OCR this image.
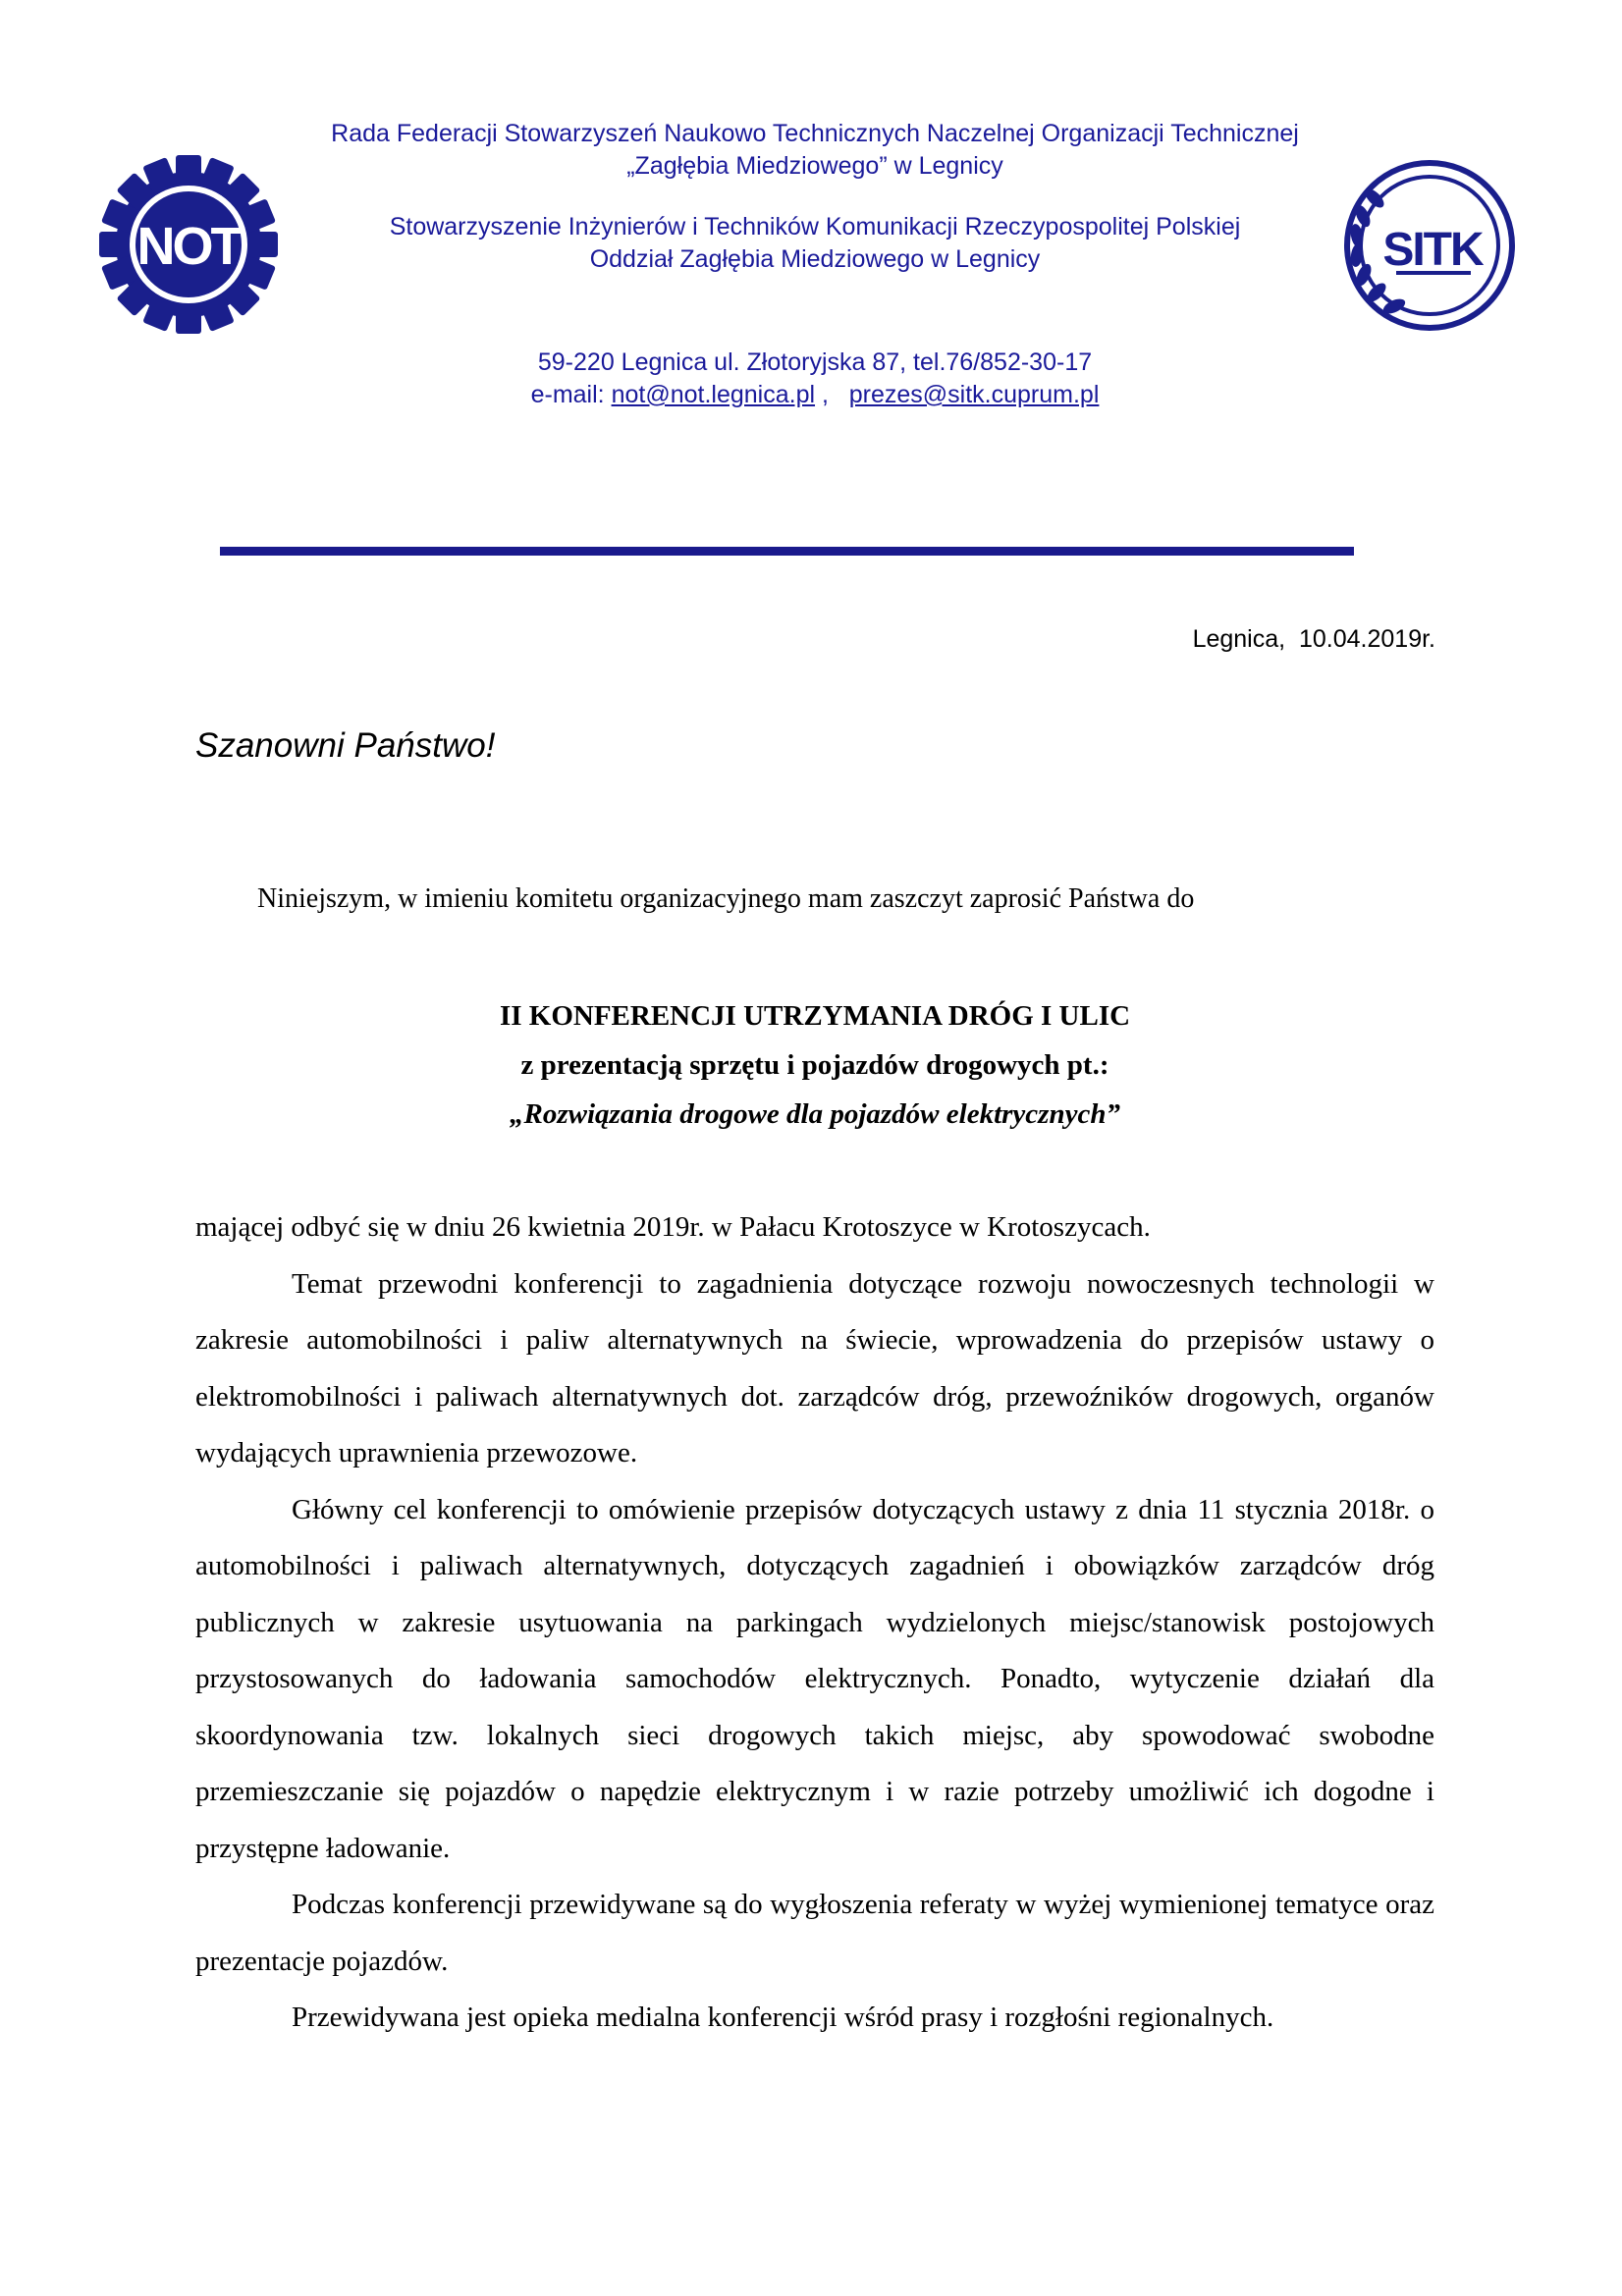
NOT	SITK
Rada Federacji Stowarzyszeń Naukowo Technicznych Naczelnej Organizacji Technicznej
„Zagłębia Miedziowego” w Legnicy
Stowarzyszenie Inżynierów i Techników Komunikacji Rzeczypospolitej Polskiej
Oddział Zagłębia Miedziowego w Legnicy
59-220 Legnica ul. Złotoryjska 87, tel.76/852-30-17
e-mail: not@not.legnica.pl ,   prezes@sitk.cuprum.pl
Legnica,  10.04.2019r.
Szanowni Państwo!
Niniejszym, w imieniu komitetu organizacyjnego mam zaszczyt zaprosić Państwa do
II KONFERENCJI UTRZYMANIA DRÓG I ULIC
z prezentacją sprzętu i pojazdów drogowych pt.:
„Rozwiązania drogowe dla pojazdów elektrycznych”

mającej odbyć się w dniu 26 kwietnia 2019r. w Pałacu Krotoszyce w Krotoszycach.

Temat przewodni konferencji to zagadnienia dotyczące rozwoju nowoczesnych technologii w zakresie automobilności i paliw alternatywnych na świecie, wprowadzenia do przepisów ustawy o elektromobilności i paliwach alternatywnych dot. zarządców dróg, przewoźników drogowych, organów wydających uprawnienia przewozowe.

Główny cel konferencji to omówienie przepisów dotyczących ustawy z dnia 11 stycznia 2018r. o automobilności i paliwach alternatywnych, dotyczących zagadnień i obowiązków zarządców dróg publicznych w zakresie usytuowania na parkingach wydzielonych miejsc/stanowisk postojowych przystosowanych do ładowania samochodów elektrycznych. Ponadto, wytyczenie działań dla skoordynowania tzw. lokalnych sieci drogowych takich miejsc, aby spowodować swobodne przemieszczanie się pojazdów o napędzie elektrycznym i w razie potrzeby umożliwić ich dogodne i przystępne ładowanie.

Podczas konferencji przewidywane są do wygłoszenia referaty w wyżej wymienionej tematyce oraz prezentacje pojazdów.

Przewidywana jest opieka medialna konferencji wśród prasy i rozgłośni regionalnych.
